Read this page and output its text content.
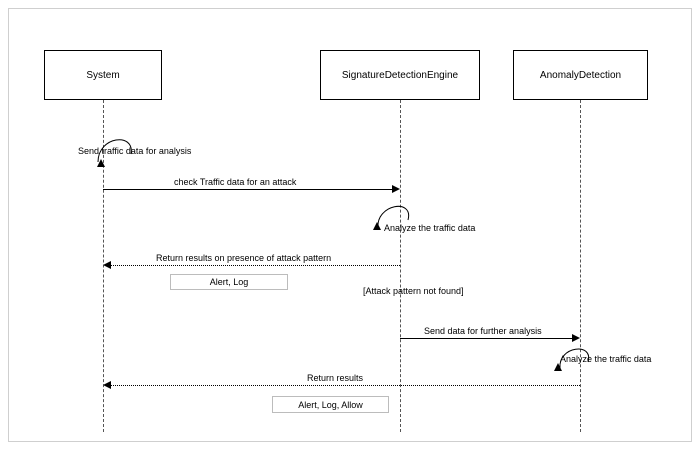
System	SignatureDetectionEngine	AnomalyDetection
Send traffic data for analysis
check Traffic data for an attack
Analyze the traffic data
Return results on presence of attack pattern
Alert, Log
[Attack pattern not found]
Send data for further analysis
Analyze the traffic data
Return results
Alert, Log, Allow
